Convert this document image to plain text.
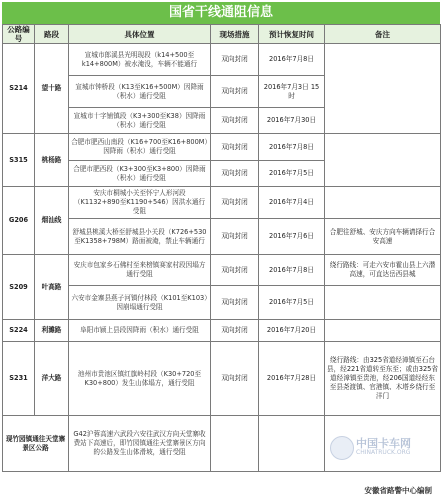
国省干线通阻信息
公路编号	路段	具体位置	现场措施	预计恢复时间	备注
S214	望十路	宣城市郎溪县光明现段（k14+500至k14+800M）被水淹没，车辆不能通行	双向封闭	2016年7月8日	
		宣城市钟桥段（K13至K16+500M）因降雨（积水）通行受阻	双向封闭	2016年7月3日 15时	
		宣城市十字铺镇段（K3+300至K38）因降雨（积水）通行受阻	双向封闭	2016年7月30日	
S315	桃杨路	合肥市肥西山南段（K16+700至K16+800M）因降雨（积水）通行受阻	双向封闭	2016年7月8日	
		合肥市肥西段（K3+300至K3+800）因降雨（积水）通行受阻	双向封闭	2016年7月5日	
G206	烟汕线	安庆市桐城小关至怀宁人形河段（K1132+890至K1190+546）因洪水通行受阻	双向封闭	2016年7月4日	
		舒城县桃溪大桥至舒城县小关段（K726+530至K1358+798M）路面被淹，禁止车辆通行	双向封闭	2016年7月6日	合肥往舒城、安庆方向车辆请择行合安高速
S209	叶高路	安庆市包家乡石佛村至来榜镇赛家村段因塌方通行受阻	双向封闭	2016年7月8日	绕行路线：可走六安市霍山县上六潜高速，可直达岳西县城
		六安市金寨县燕子河镇付林段（K101至K103）因崩塌通行受阻	双向封闭	2016年7月5日	
S224	利濉路	阜阳市颍上县段因降雨（积水）通行受阻	双向封闭	2016年7月20日	
S231	洋大路	池州市贵池区镇红旗岭村段（K30+720至K30+800）发生山体塌方，通行受阻	双向封闭	2016年7月28日	绕行路线：由325省道经漳镇至石台县，经221省道转至东至；或由325省道经漳镇至贵池，经206国道经经东至县尧渡镇、官港镇、木塔乡绕行至洋门
现竹园镇通往天堂寨景区公路		G42沪蓉高速六武段六安往武汉方向天堂寨收费站下高速后，即竹园镇通往天堂寨景区方向的公路发生山体滑坡，通行受阻			
中国卡车网
CHINATRUCK.ORG
安徽省路警中心编制
